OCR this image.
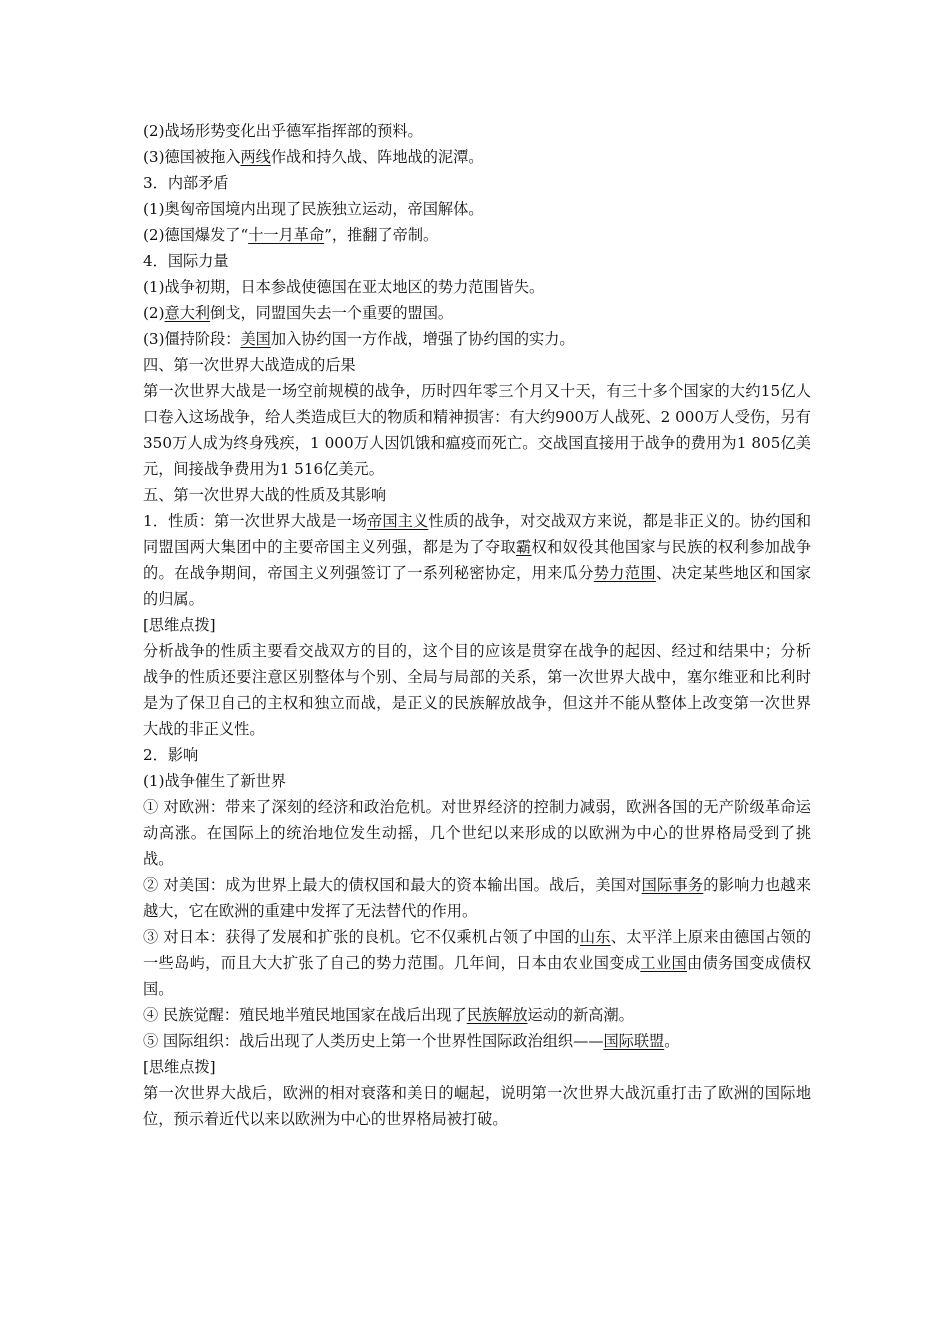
(2)战场形势变化出乎德军指挥部的预料。
(3)德国被拖入两线作战和持久战、阵地战的泥潭。
3．内部矛盾
(1)奥匈帝国境内出现了民族独立运动，帝国解体。
(2)德国爆发了“十一月革命”，推翻了帝制。
4．国际力量
(1)战争初期，日本参战使德国在亚太地区的势力范围皆失。
(2)意大利倒戈，同盟国失去一个重要的盟国。
(3)僵持阶段：美国加入协约国一方作战，增强了协约国的实力。
四、第一次世界大战造成的后果
第一次世界大战是一场空前规模的战争，历时四年零三个月又十天，有三十多个国家的大约15亿人口卷入这场战争，给人类造成巨大的物质和精神损害：有大约900万人战死、2 000万人受伤，另有350万人成为终身残疾，1 000万人因饥饿和瘟疫而死亡。交战国直接用于战争的费用为1 805亿美元，间接战争费用为1 516亿美元。
五、第一次世界大战的性质及其影响
1．性质：第一次世界大战是一场帝国主义性质的战争，对交战双方来说，都是非正义的。协约国和同盟国两大集团中的主要帝国主义列强，都是为了夺取霸权和奴役其他国家与民族的权利参加战争的。在战争期间，帝国主义列强签订了一系列秘密协定，用来瓜分势力范围、决定某些地区和国家的归属。
[思维点拨]
分析战争的性质主要看交战双方的目的，这个目的应该是贯穿在战争的起因、经过和结果中；分析战争的性质还要注意区别整体与个别、全局与局部的关系，第一次世界大战中，塞尔维亚和比利时是为了保卫自己的主权和独立而战，是正义的民族解放战争，但这并不能从整体上改变第一次世界大战的非正义性。
2．影响
(1)战争催生了新世界
① 对欧洲：带来了深刻的经济和政治危机。对世界经济的控制力减弱，欧洲各国的无产阶级革命运动高涨。在国际上的统治地位发生动摇，几个世纪以来形成的以欧洲为中心的世界格局受到了挑战。
② 对美国：成为世界上最大的债权国和最大的资本输出国。战后，美国对国际事务的影响力也越来越大，它在欧洲的重建中发挥了无法替代的作用。
③ 对日本：获得了发展和扩张的良机。它不仅乘机占领了中国的山东、太平洋上原来由德国占领的一些岛屿，而且大大扩张了自己的势力范围。几年间，日本由农业国变成工业国由债务国变成债权国。
④ 民族觉醒：殖民地半殖民地国家在战后出现了民族解放运动的新高潮。
⑤ 国际组织：战后出现了人类历史上第一个世界性国际政治组织——国际联盟。
[思维点拨]
第一次世界大战后，欧洲的相对衰落和美日的崛起，说明第一次世界大战沉重打击了欧洲的国际地位，预示着近代以来以欧洲为中心的世界格局被打破。
